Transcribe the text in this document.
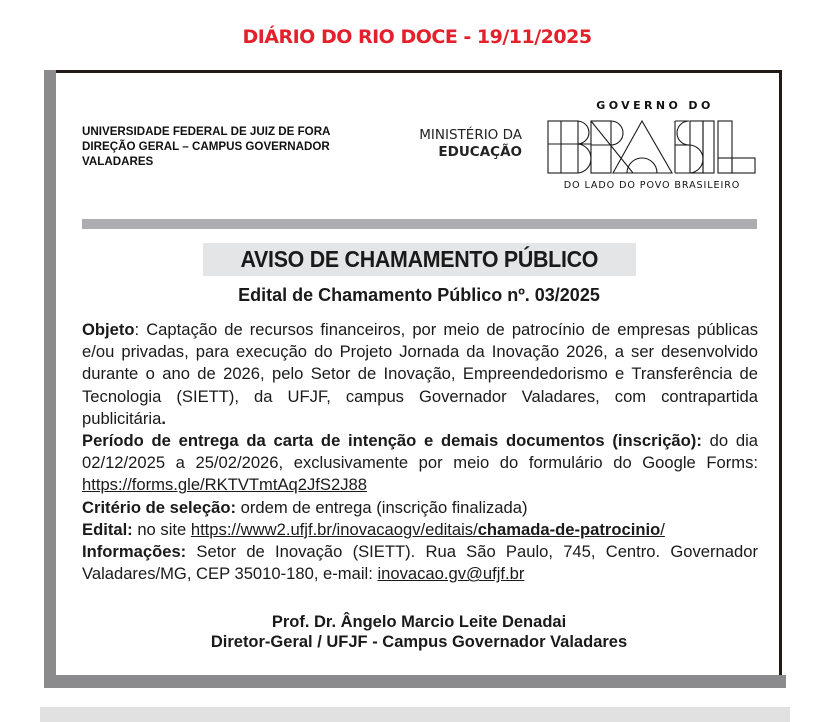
DIÁRIO DO RIO DOCE - 19/11/2025
UNIVERSIDADE FEDERAL DE JUIZ DE FORA
DIREÇÃO GERAL – CAMPUS GOVERNADOR
VALADARES
MINISTÉRIO DA
EDUCAÇÃO
GOVERNO DO
DO LADO DO POVO BRASILEIRO
AVISO DE CHAMAMENTO PÚBLICO
Edital de Chamamento Público nº. 03/2025

Objeto: Captação de recursos financeiros, por meio de patrocínio de empresas públicas e/ou privadas, para execução do Projeto Jornada da Inovação 2026, a ser desenvolvido durante o ano de 2026, pelo Setor de Inovação, Empreendedorismo e Transferência de Tecnologia (SIETT), da UFJF, campus Governador Valadares, com contrapartida publicitária.

Período de entrega da carta de intenção e demais documentos (inscrição): do dia 02/12/2025 a 25/02/2026, exclusivamente por meio do formulário do Google Forms: https://forms.gle/RKTVTmtAq2JfS2J88

Critério de seleção: ordem de entrega (inscrição finalizada)

Edital: no site https://www2.ufjf.br/inovacaogv/editais/chamada-de-patrocinio/

Informações: Setor de Inovação (SIETT). Rua São Paulo, 745, Centro. Governador Valadares/MG, CEP 35010-180, e-mail: inovacao.gv@ufjf.br

Prof. Dr. Ângelo Marcio Leite Denadai
Diretor-Geral / UFJF - Campus Governador Valadares
